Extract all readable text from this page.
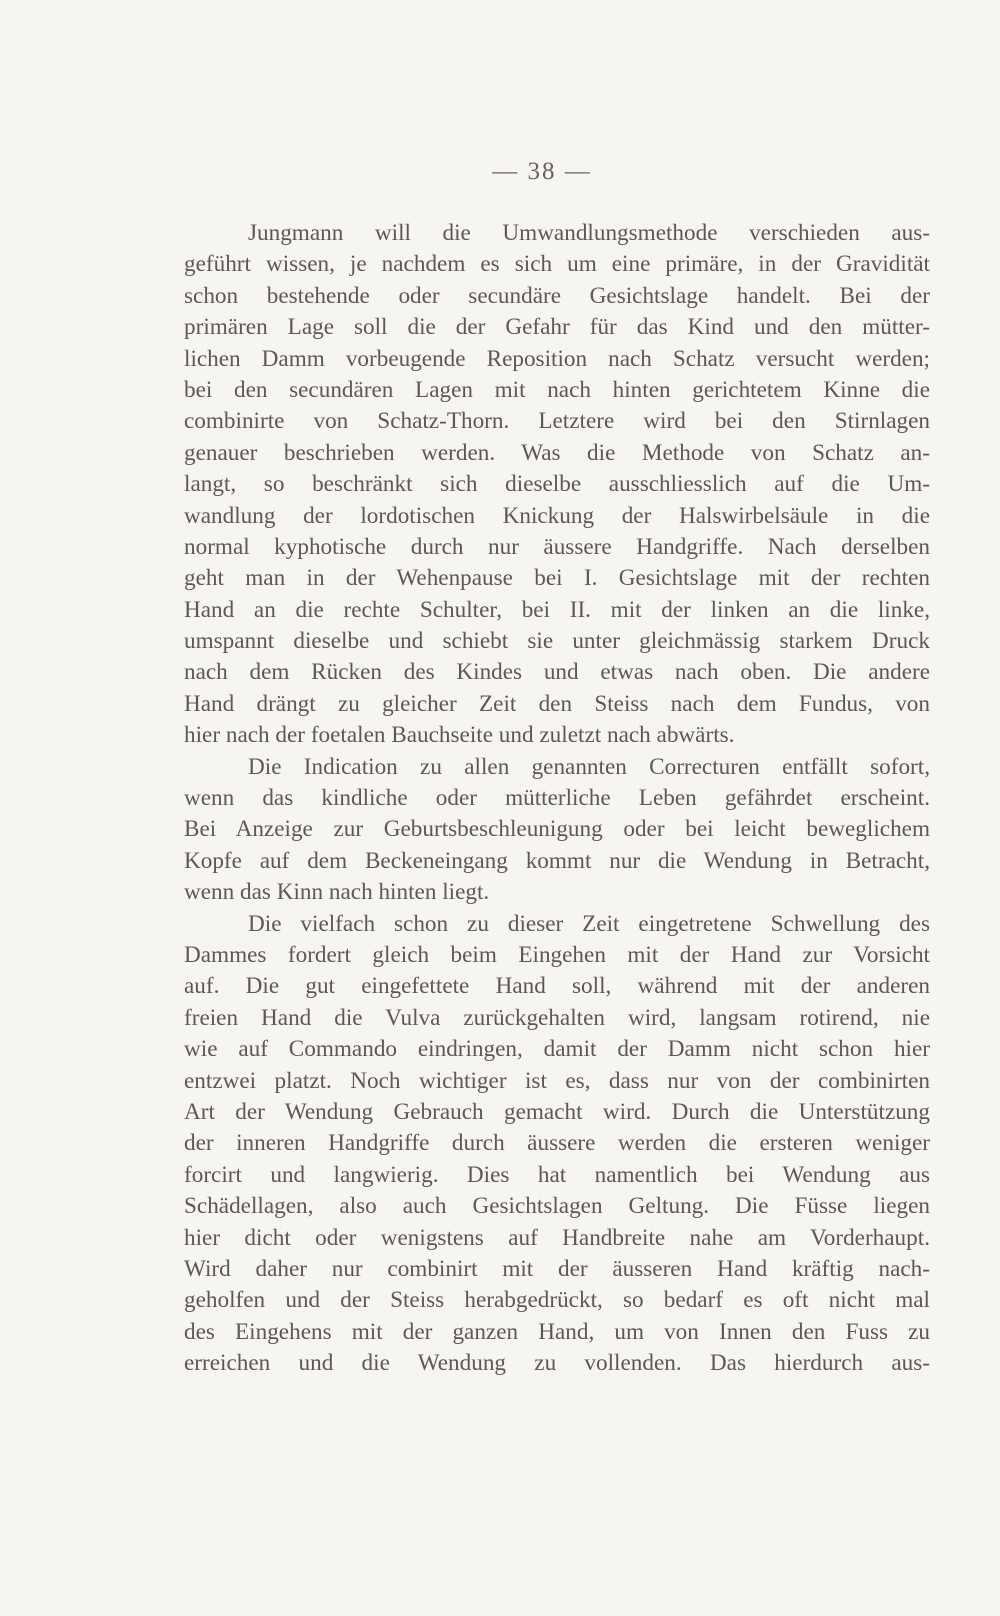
— 38 —
Jungmann will die Umwandlungsmethode verschieden aus-
geführt wissen, je nachdem es sich um eine primäre, in der Gravidität
schon bestehende oder secundäre Gesichtslage handelt. Bei der
primären Lage soll die der Gefahr für das Kind und den mütter-
lichen Damm vorbeugende Reposition nach Schatz versucht werden;
bei den secundären Lagen mit nach hinten gerichtetem Kinne die
combinirte von Schatz-Thorn. Letztere wird bei den Stirnlagen
genauer beschrieben werden. Was die Methode von Schatz an-
langt, so beschränkt sich dieselbe ausschliesslich auf die Um-
wandlung der lordotischen Knickung der Halswirbelsäule in die
normal kyphotische durch nur äussere Handgriffe. Nach derselben
geht man in der Wehenpause bei I. Gesichtslage mit der rechten
Hand an die rechte Schulter, bei II. mit der linken an die linke,
umspannt dieselbe und schiebt sie unter gleichmässig starkem Druck
nach dem Rücken des Kindes und etwas nach oben. Die andere
Hand drängt zu gleicher Zeit den Steiss nach dem Fundus, von
hier nach der foetalen Bauchseite und zuletzt nach abwärts.
Die Indication zu allen genannten Correcturen entfällt sofort,
wenn das kindliche oder mütterliche Leben gefährdet erscheint.
Bei Anzeige zur Geburtsbeschleunigung oder bei leicht beweglichem
Kopfe auf dem Beckeneingang kommt nur die Wendung in Betracht,
wenn das Kinn nach hinten liegt.
Die vielfach schon zu dieser Zeit eingetretene Schwellung des
Dammes fordert gleich beim Eingehen mit der Hand zur Vorsicht
auf. Die gut eingefettete Hand soll, während mit der anderen
freien Hand die Vulva zurückgehalten wird, langsam rotirend, nie
wie auf Commando eindringen, damit der Damm nicht schon hier
entzwei platzt. Noch wichtiger ist es, dass nur von der combinirten
Art der Wendung Gebrauch gemacht wird. Durch die Unterstützung
der inneren Handgriffe durch äussere werden die ersteren weniger
forcirt und langwierig. Dies hat namentlich bei Wendung aus
Schädellagen, also auch Gesichtslagen Geltung. Die Füsse liegen
hier dicht oder wenigstens auf Handbreite nahe am Vorderhaupt.
Wird daher nur combinirt mit der äusseren Hand kräftig nach-
geholfen und der Steiss herabgedrückt, so bedarf es oft nicht mal
des Eingehens mit der ganzen Hand, um von Innen den Fuss zu
erreichen und die Wendung zu vollenden. Das hierdurch aus-
